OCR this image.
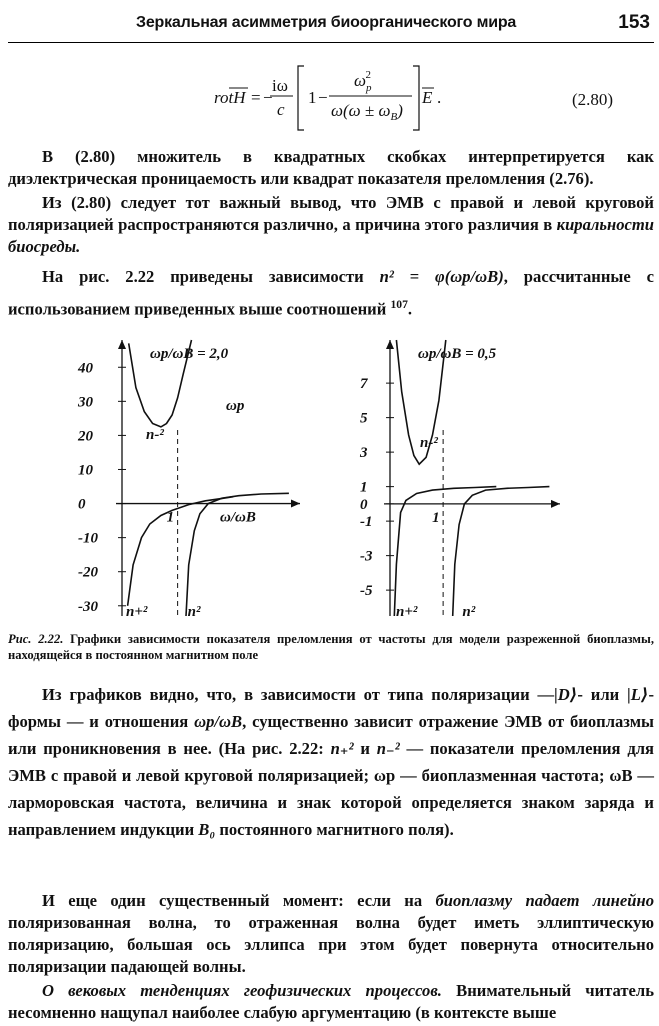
Зеркальная асимметрия биоорганического мира	153
rotH = −
iω
c
1 −
$\omega_p2$
$\omega(\omega \pm \omega_B)$
E .	(2.80)

В (2.80) множитель в квадратных скобках интерпретируется как диэлектрическая проницаемость или квадрат показателя преломления (2.76).

Из (2.80) следует тот важный вывод, что ЭМВ с правой и левой круговой поляризацией распространяются различно, а причина этого различия в киральности биосреды.

На рис. 2.22 приведены зависимости n² = φ(ωp/ωB), рассчитанные с использованием приведенных выше соотношений $^{107}$.

40
30
20
10
0
-10
-20
-30
ωp/ωB = 2,0
ω/ωB
1
ωp
n-²
n+²	n²
7
5
3
1
0
-1
-3
-5
ωp/ωB = 0,5
1
n-²
n+²	n²

Рис. 2.22. Графики зависимости показателя преломления от частоты для модели разреженной биоплазмы, находящейся в постоянном магнитном поле

Из графиков видно, что, в зависимости от типа поляризации —|D⟩- или |L⟩-формы — и отношения ωp/ωB, существенно зависит отражение ЭМВ от биоплазмы или проникновения в нее. (На рис. 2.22: n₊² и n₋² — показатели преломления для ЭМВ с правой и левой круговой поляризацией; ωp — биоплазменная частота; ωB — ларморовская частота, величина и знак которой определяется знаком заряда и направлением индукции B₀ постоянного магнитного поля).

И еще один существенный момент: если на биоплазму падает линейно поляризованная волна, то отраженная волна будет иметь эллиптическую поляризацию, большая ось эллипса при этом будет повернута относительно поляризации падающей волны.

О вековых тенденциях геофизических процессов. Внимательный читатель несомненно нащупал наиболее слабую аргументацию (в контексте выше
